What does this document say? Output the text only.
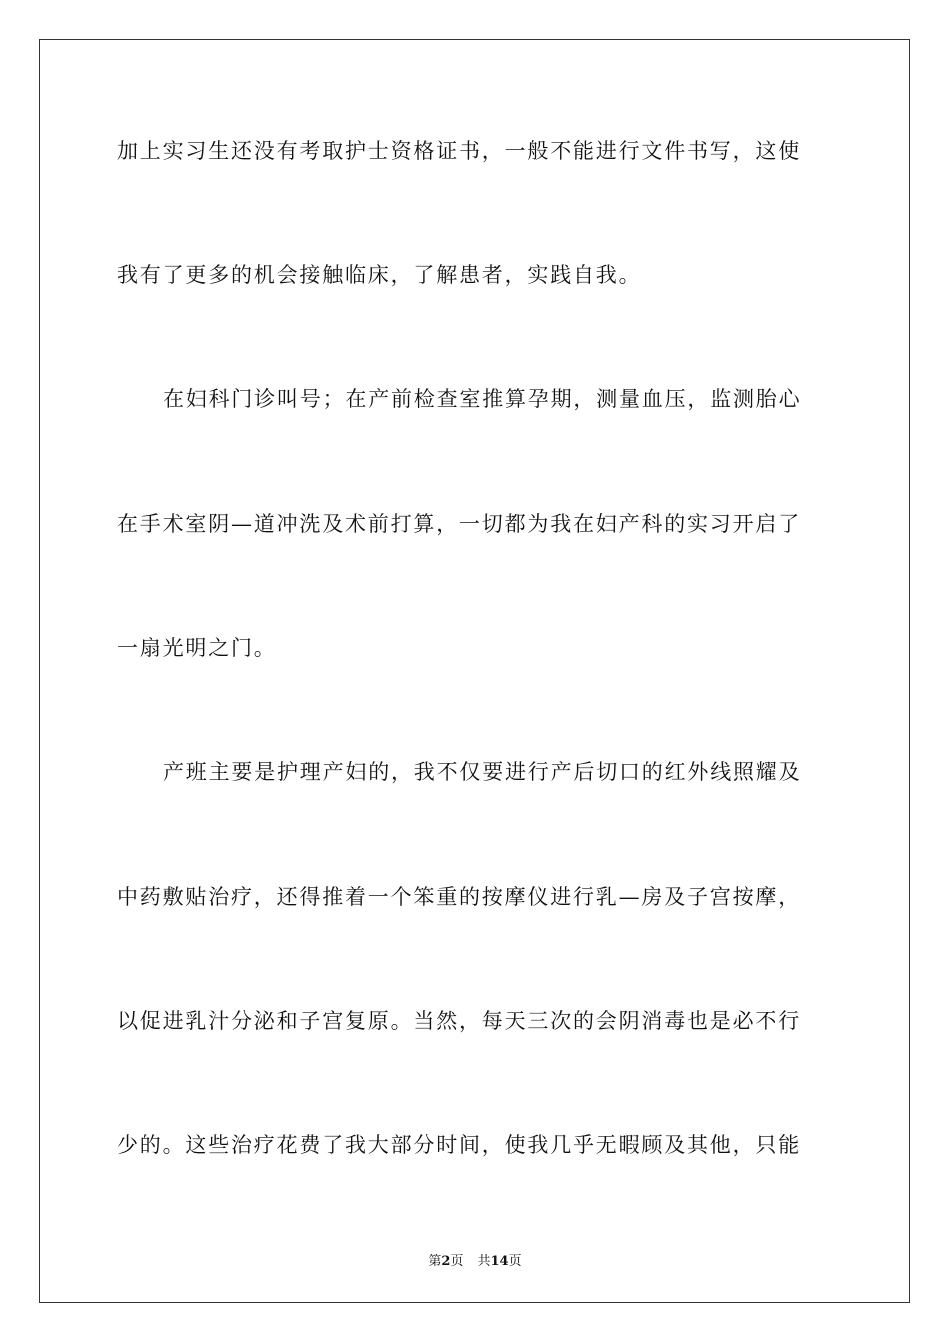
加上实习生还没有考取护士资格证书，一般不能进行文件书写，这使
我有了更多的机会接触临床，了解患者，实践自我。
在妇科门诊叫号；在产前检查室推算孕期，测量血压，监测胎心
在手术室阴—道冲洗及术前打算，一切都为我在妇产科的实习开启了
一扇光明之门。
产班主要是护理产妇的，我不仅要进行产后切口的红外线照耀及
中药敷贴治疗，还得推着一个笨重的按摩仪进行乳—房及子宫按摩，
以促进乳汁分泌和子宫复原。当然，每天三次的会阴消毒也是必不行
少的。这些治疗花费了我大部分时间，使我几乎无暇顾及其他，只能
第2页 共14页
